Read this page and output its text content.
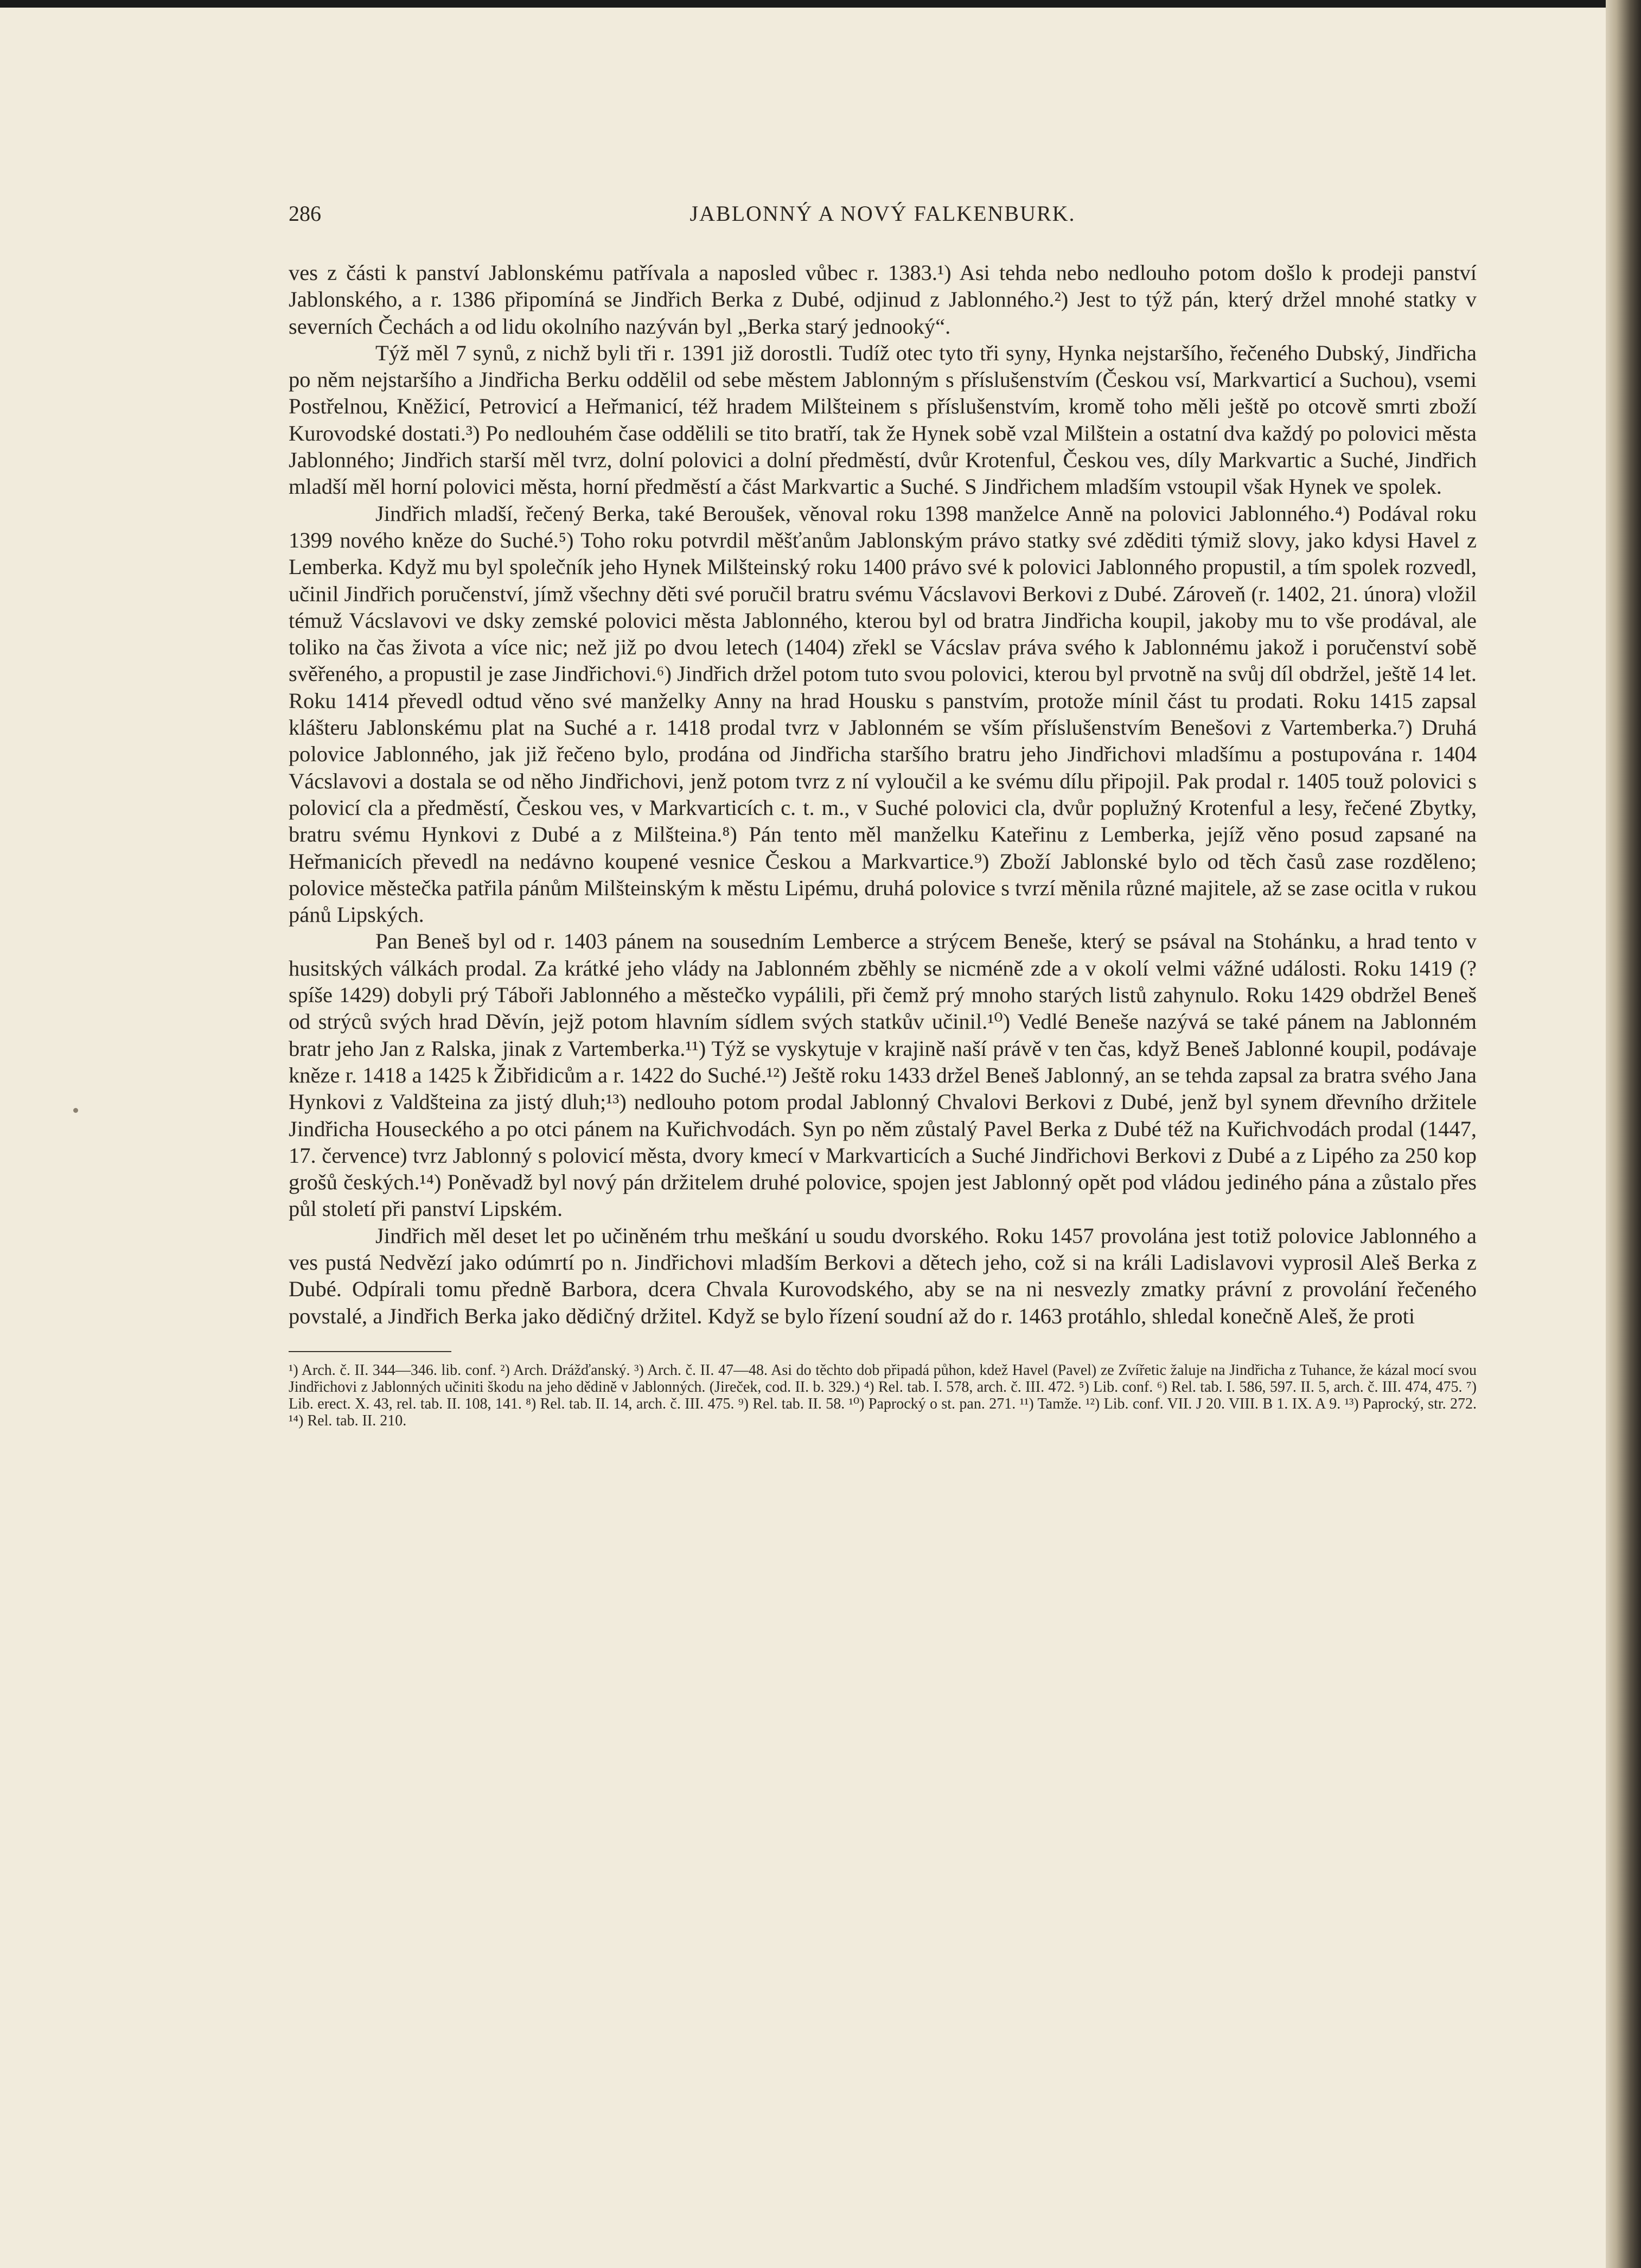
286	JABLONNÝ A NOVÝ FALKENBURK.

ves z části k panství Jablonskému patřívala a naposled vůbec r. 1383.¹) Asi tehda nebo nedlouho potom došlo k prodeji panství Jablonského, a r. 1386 připomíná se Jindřich Berka z Dubé, odjinud z Jablonného.²) Jest to týž pán, který držel mnohé statky v severních Čechách a od lidu okolního nazýván byl „Berka starý jednooký“.

Týž měl 7 synů, z nichž byli tři r. 1391 již dorostli. Tudíž otec tyto tři syny, Hynka nejstaršího, řečeného Dubský, Jindřicha po něm nejstaršího a Jindřicha Berku oddělil od sebe městem Jablonným s příslušenstvím (Českou vsí, Markvarticí a Suchou), vsemi Postřelnou, Kněžicí, Petrovicí a Heřmanicí, též hradem Milšteinem s příslušenstvím, kromě toho měli ještě po otcově smrti zboží Kurovodské dostati.³) Po nedlouhém čase oddělili se tito bratří, tak že Hynek sobě vzal Milštein a ostatní dva každý po polovici města Jablonného; Jindřich starší měl tvrz, dolní polovici a dolní předměstí, dvůr Krotenful, Českou ves, díly Markvartic a Suché, Jindřich mladší měl horní polovici města, horní předměstí a část Markvartic a Suché. S Jindřichem mladším vstoupil však Hynek ve spolek.

Jindřich mladší, řečený Berka, také Beroušek, věnoval roku 1398 manželce Anně na polovici Jablonného.⁴) Podával roku 1399 nového kněze do Suché.⁵) Toho roku potvrdil měšťanům Jablonským právo statky své zděditi týmiž slovy, jako kdysi Havel z Lemberka. Když mu byl společník jeho Hynek Milšteinský roku 1400 právo své k polovici Jablonného propustil, a tím spolek rozvedl, učinil Jindřich poručenství, jímž všechny děti své poručil bratru svému Vácslavovi Berkovi z Dubé. Zároveň (r. 1402, 21. února) vložil témuž Vácslavovi ve dsky zemské polovici města Jablonného, kterou byl od bratra Jindřicha koupil, jakoby mu to vše prodával, ale toliko na čas života a více nic; než již po dvou letech (1404) zřekl se Vácslav práva svého k Jablonnému jakož i poručenství sobě svěřeného, a propustil je zase Jindřichovi.⁶) Jindřich držel potom tuto svou polovici, kterou byl prvotně na svůj díl obdržel, ještě 14 let. Roku 1414 převedl odtud věno své manželky Anny na hrad Housku s panstvím, protože mínil část tu prodati. Roku 1415 zapsal klášteru Jablonskému plat na Suché a r. 1418 prodal tvrz v Jablonném se vším příslušenstvím Benešovi z Vartemberka.⁷) Druhá polovice Jablonného, jak již řečeno bylo, prodána od Jindřicha staršího bratru jeho Jindřichovi mladšímu a postupována r. 1404 Vácslavovi a dostala se od něho Jindřichovi, jenž potom tvrz z ní vyloučil a ke svému dílu připojil. Pak prodal r. 1405 touž polovici s polovicí cla a předměstí, Českou ves, v Markvarticích c. t. m., v Suché polovici cla, dvůr poplužný Krotenful a lesy, řečené Zbytky, bratru svému Hynkovi z Dubé a z Milšteina.⁸) Pán tento měl manželku Kateřinu z Lemberka, jejíž věno posud zapsané na Heřmanicích převedl na nedávno koupené vesnice Českou a Markvartice.⁹) Zboží Jablonské bylo od těch časů zase rozděleno; polovice městečka patřila pánům Milšteinským k městu Lipému, druhá polovice s tvrzí měnila různé majitele, až se zase ocitla v rukou pánů Lipských.

Pan Beneš byl od r. 1403 pánem na sousedním Lemberce a strýcem Beneše, který se psával na Stohánku, a hrad tento v husitských válkách prodal. Za krátké jeho vlády na Jablonném zběhly se nicméně zde a v okolí velmi vážné události. Roku 1419 (? spíše 1429) dobyli prý Táboři Jablonného a městečko vypálili, při čemž prý mnoho starých listů zahynulo. Roku 1429 obdržel Beneš od strýců svých hrad Děvín, jejž potom hlavním sídlem svých statkův učinil.¹⁰) Vedlé Beneše nazývá se také pánem na Jablonném bratr jeho Jan z Ralska, jinak z Vartemberka.¹¹) Týž se vyskytuje v krajině naší právě v ten čas, když Beneš Jablonné koupil, podávaje kněze r. 1418 a 1425 k Žibřidicům a r. 1422 do Suché.¹²) Ještě roku 1433 držel Beneš Jablonný, an se tehda zapsal za bratra svého Jana Hynkovi z Valdšteina za jistý dluh;¹³) nedlouho potom prodal Jablonný Chvalovi Berkovi z Dubé, jenž byl synem dřevního držitele Jindřicha Houseckého a po otci pánem na Kuřichvodách. Syn po něm zůstalý Pavel Berka z Dubé též na Kuřichvodách prodal (1447, 17. července) tvrz Jablonný s polovicí města, dvory kmecí v Markvarticích a Suché Jindřichovi Berkovi z Dubé a z Lipého za 250 kop grošů českých.¹⁴) Poněvadž byl nový pán držitelem druhé polovice, spojen jest Jablonný opět pod vládou jediného pána a zůstalo přes půl století při panství Lipském.

Jindřich měl deset let po učiněném trhu meškání u soudu dvorského. Roku 1457 provolána jest totiž polovice Jablonného a ves pustá Nedvězí jako odúmrtí po n. Jindřichovi mladším Berkovi a dětech jeho, což si na králi Ladislavovi vyprosil Aleš Berka z Dubé. Odpírali tomu předně Barbora, dcera Chvala Kurovodského, aby se na ni nesvezly zmatky právní z provolání řečeného povstalé, a Jindřich Berka jako dědičný držitel. Když se bylo řízení soudní až do r. 1463 protáhlo, shledal konečně Aleš, že proti

¹) Arch. č. II. 344—346. lib. conf. ²) Arch. Drážďanský. ³) Arch. č. II. 47—48. Asi do těchto dob připadá půhon, kdež Havel (Pavel) ze Zvířetic žaluje na Jindřicha z Tuhance, že kázal mocí svou Jindřichovi z Jablonných učiniti škodu na jeho dědině v Jablonných. (Jireček, cod. II. b. 329.) ⁴) Rel. tab. I. 578, arch. č. III. 472. ⁵) Lib. conf. ⁶) Rel. tab. I. 586, 597. II. 5, arch. č. III. 474, 475. ⁷) Lib. erect. X. 43, rel. tab. II. 108, 141. ⁸) Rel. tab. II. 14, arch. č. III. 475. ⁹) Rel. tab. II. 58. ¹⁰) Paprocký o st. pan. 271. ¹¹) Tamže. ¹²) Lib. conf. VII. J 20. VIII. B 1. IX. A 9. ¹³) Paprocký, str. 272. ¹⁴) Rel. tab. II. 210.
